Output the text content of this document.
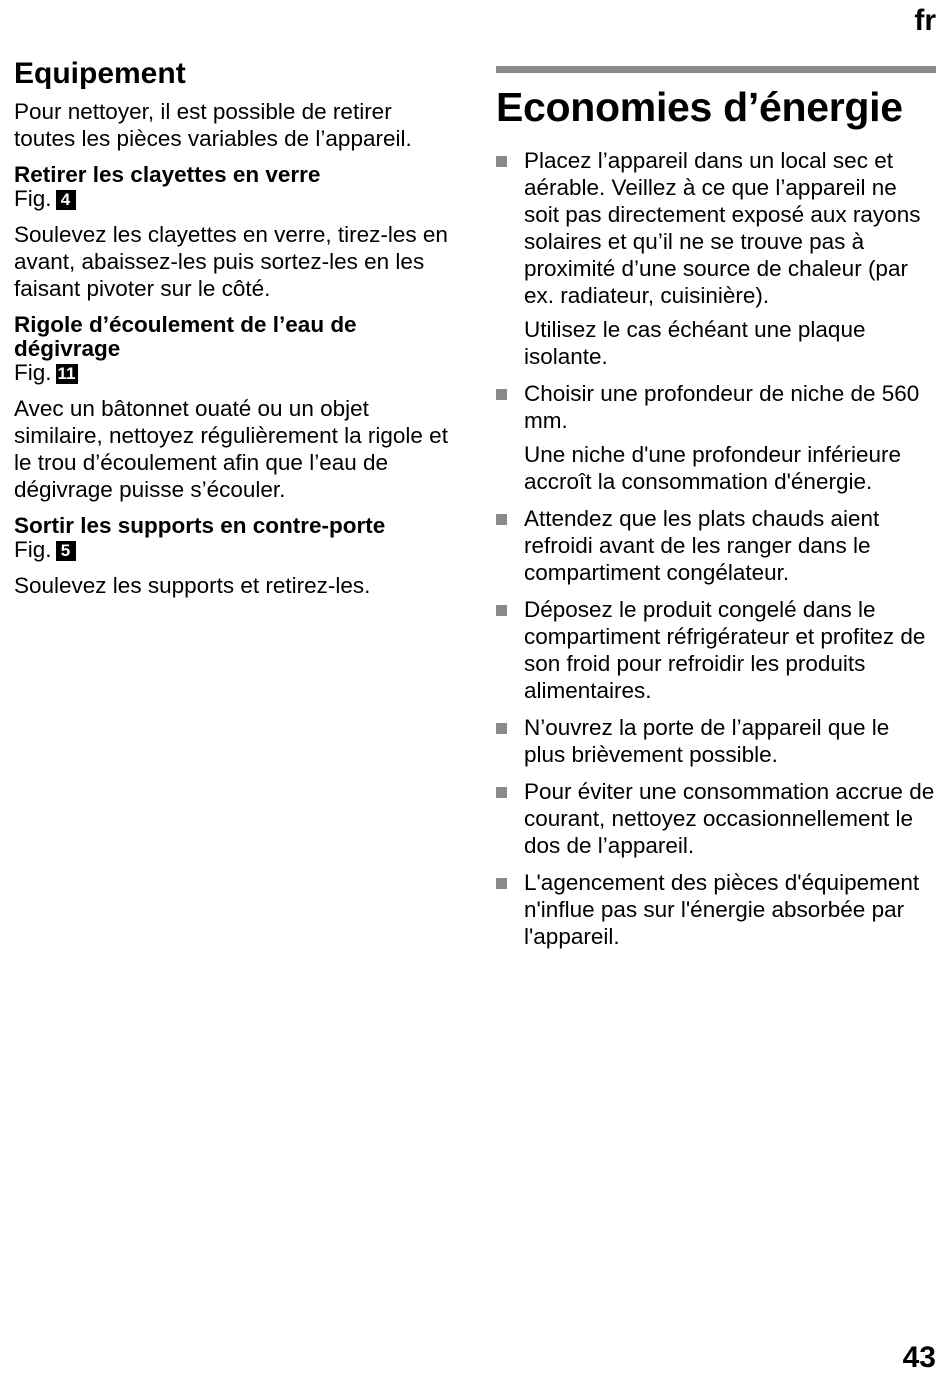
fr
Equipement

Pour nettoyer, il est possible de retirer toutes les pièces variables de l’appareil.

Retirer les clayettes en verre
Fig. 4

Soulevez les clayettes en verre, tirez-les en avant, abaissez-les puis sortez-les en les faisant pivoter sur le côté.

Rigole d’écoulement de l’eau de dégivrage
Fig. 11

Avec un bâtonnet ouaté ou un objet similaire, nettoyez régulièrement la rigole et le trou d’écoulement afin que l’eau de dégivrage puisse s’écouler.

Sortir les supports en contre-porte
Fig. 5

Soulevez les supports et retirez-les.

Economies d’énergie

Placez l’appareil dans un local sec et aérable. Veillez à ce que l’appareil ne soit pas directement exposé aux rayons solaires et qu’il ne se trouve pas à proximité d’une source de chaleur (par ex. radiateur, cuisinière).

Utilisez le cas échéant une plaque isolante.

Choisir une profondeur de niche de 560 mm.

Une niche d'une profondeur inférieure accroît la consommation d'énergie.

Attendez que les plats chauds aient refroidi avant de les ranger dans le compartiment congélateur.

Déposez le produit congelé dans le compartiment réfrigérateur et profitez de son froid pour refroidir les produits alimentaires.

N’ouvrez la porte de l’appareil que le plus brièvement possible.

Pour éviter une consommation accrue de courant, nettoyez occasionnellement le dos de l’appareil.

L'agencement des pièces d'équipement n'influe pas sur l'énergie absorbée par l'appareil.

43
